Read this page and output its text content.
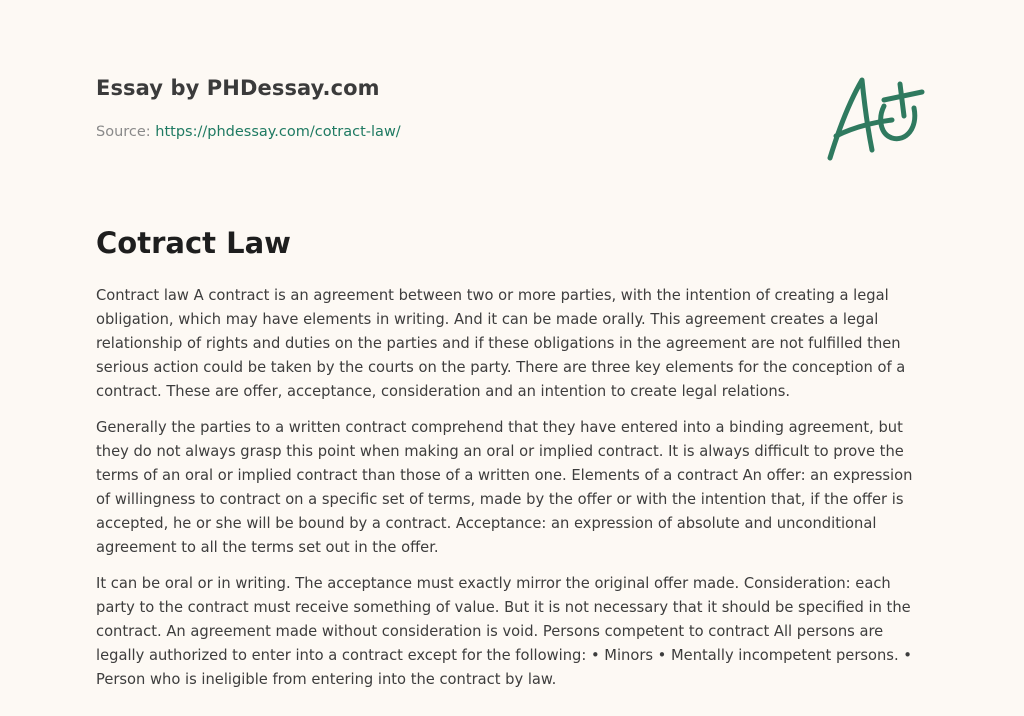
Essay by PHDessay.com
Source: https://phdessay.com/cotract-law/
Cotract Law

Contract law A contract is an agreement between two or more parties, with the intention of creating a legal obligation, which may have elements in writing. And it can be made orally. This agreement creates a legal relationship of rights and duties on the parties and if these obligations in the agreement are not fulfilled then serious action could be taken by the courts on the party. There are three key elements for the conception of a contract. These are offer, acceptance, consideration and an intention to create legal relations.

Generally the parties to a written contract comprehend that they have entered into a binding agreement, but they do not always grasp this point when making an oral or implied contract. It is always difficult to prove the terms of an oral or implied contract than those of a written one. Elements of a contract An offer: an expression of willingness to contract on a specific set of terms, made by the offer or with the intention that, if the offer is accepted, he or she will be bound by a contract. Acceptance: an expression of absolute and unconditional agreement to all the terms set out in the offer.

It can be oral or in writing. The acceptance must exactly mirror the original offer made. Consideration: each party to the contract must receive something of value. But it is not necessary that it should be specified in the contract. An agreement made without consideration is void. Persons competent to contract All persons are legally authorized to enter into a contract except for the following: • Minors • Mentally incompetent persons. • Person who is ineligible from entering into the contract by law.
